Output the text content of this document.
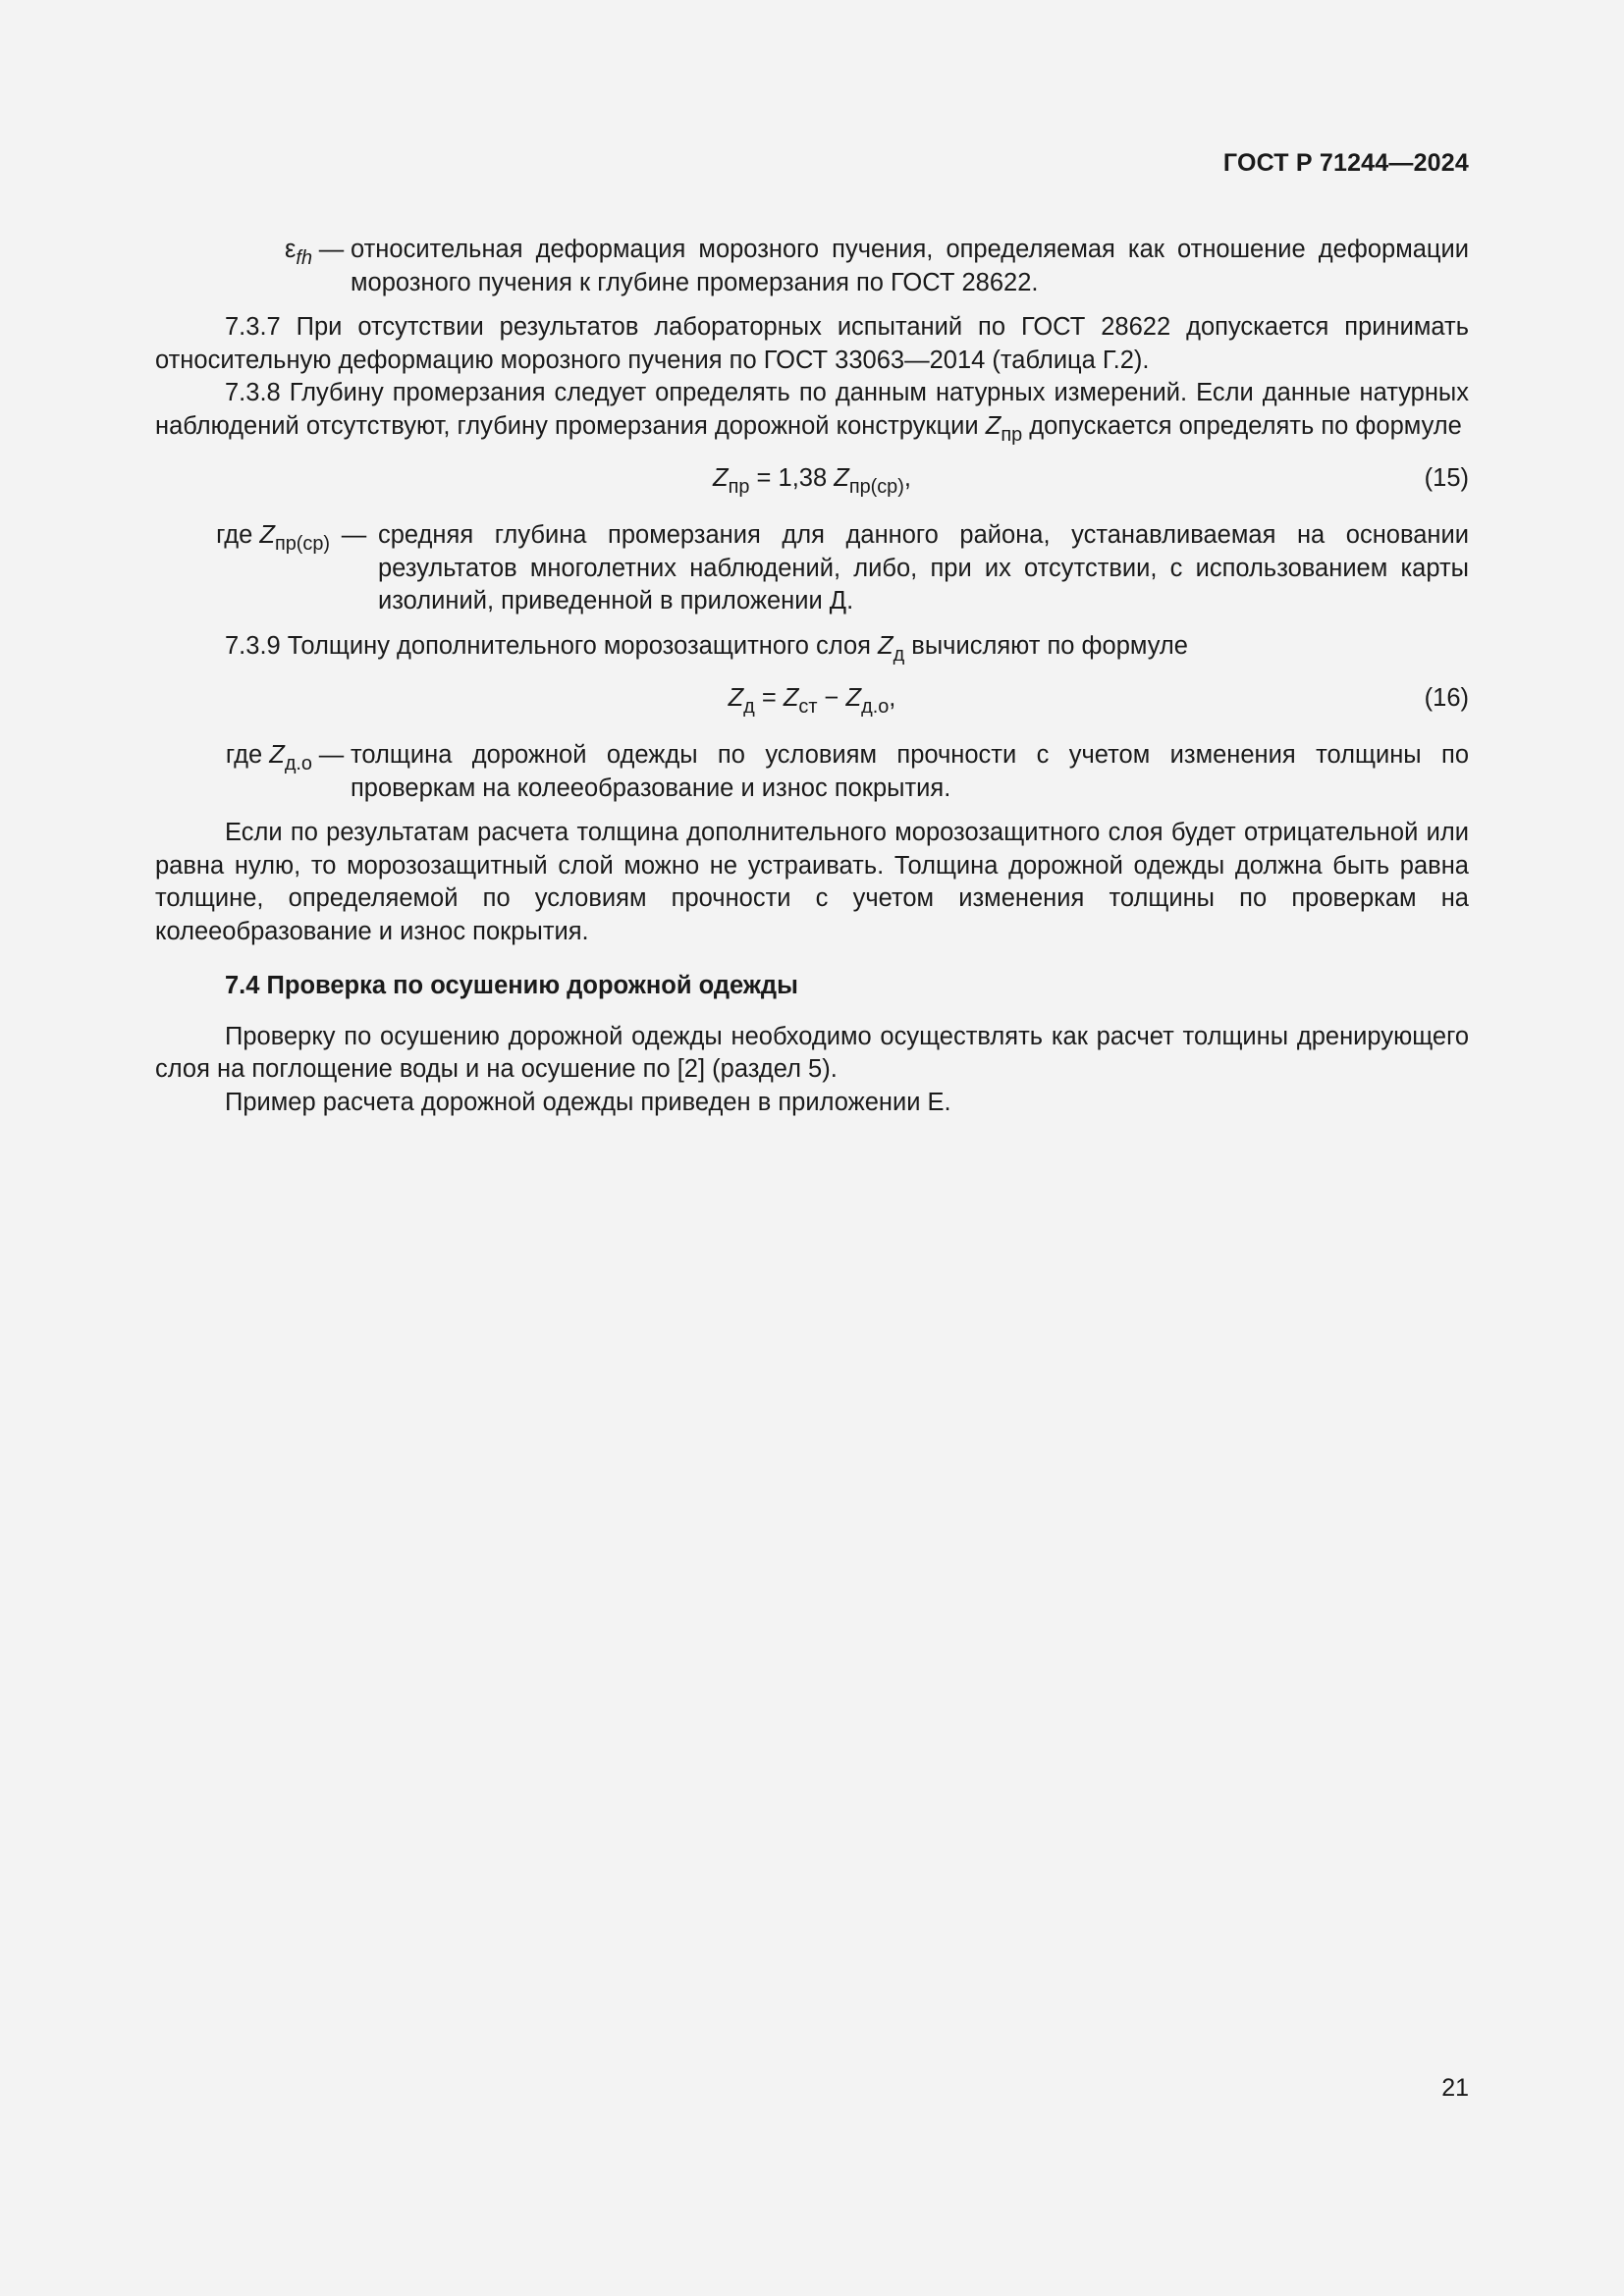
ГОСТ Р 71244—2024
$\varepsilon_{fh}$ — относительная деформация морозного пучения, определяемая как отношение деформации морозного пучения к глубине промерзания по ГОСТ 28622.

7.3.7 При отсутствии результатов лабораторных испытаний по ГОСТ 28622 допускается принимать относительную деформацию морозного пучения по ГОСТ 33063—2014 (таблица Г.2).

7.3.8 Глубину промерзания следует определять по данным натурных измерений. Если данные натурных наблюдений отсутствуют, глубину промерзания дорожной конструкции $Z_{пр}$ допускается определять по формуле

$Z_{пр} = 1,38$ $Z_{пр(ср)}$,	(15)
где $Z_{пр(ср)}$ — средняя глубина промерзания для данного района, устанавливаемая на основании результатов многолетних наблюдений, либо, при их отсутствии, с использованием карты изолиний, приведенной в приложении Д.

7.3.9 Толщину дополнительного морозозащитного слоя $Z_д$ вычисляют по формуле

$Z_д = Z_{ст} - Z_{д.о}$,	(16)
где $Z_{д.о}$ — толщина дорожной одежды по условиям прочности с учетом изменения толщины по проверкам на колееобразование и износ покрытия.

Если по результатам расчета толщина дополнительного морозозащитного слоя будет отрицательной или равна нулю, то морозозащитный слой можно не устраивать. Толщина дорожной одежды должна быть равна толщине, определяемой по условиям прочности с учетом изменения толщины по проверкам на колееобразование и износ покрытия.

7.4 Проверка по осушению дорожной одежды

Проверку по осушению дорожной одежды необходимо осуществлять как расчет толщины дренирующего слоя на поглощение воды и на осушение по [2] (раздел 5).

Пример расчета дорожной одежды приведен в приложении Е.

21
